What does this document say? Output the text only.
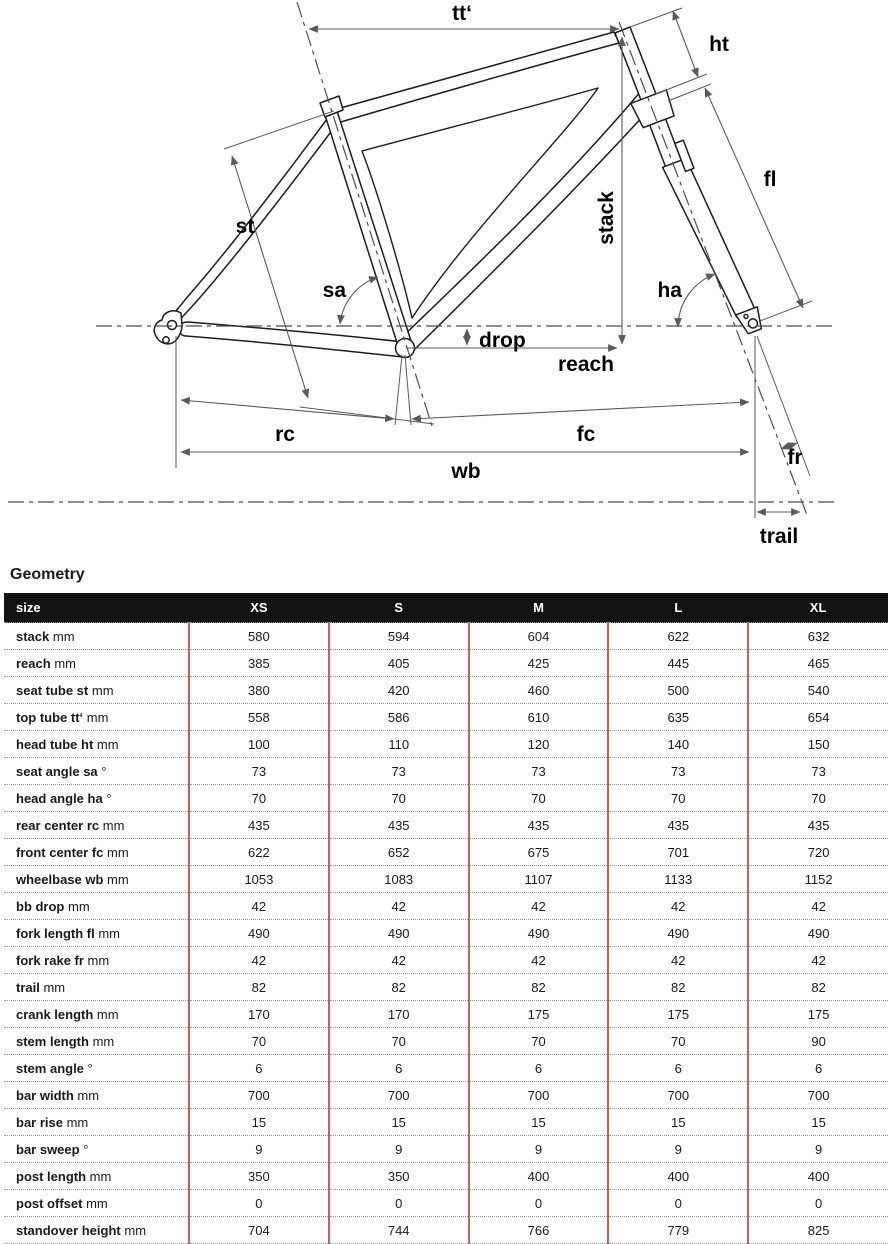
tt‘
ht
fl
st	stack
sa	ha
drop
reach
rc	fc
wb
fr
trail
Geometry
size	XS	S	M	L	XL
stack mm	580	594	604	622	632
reach mm	385	405	425	445	465
seat tube st mm	380	420	460	500	540
top tube tt‘ mm	558	586	610	635	654
head tube ht mm	100	110	120	140	150
seat angle sa °	73	73	73	73	73
head angle ha °	70	70	70	70	70
rear center rc mm	435	435	435	435	435
front center fc mm	622	652	675	701	720
wheelbase wb mm	1053	1083	1107	1133	1152
bb drop mm	42	42	42	42	42
fork length fl mm	490	490	490	490	490
fork rake fr mm	42	42	42	42	42
trail mm	82	82	82	82	82
crank length mm	170	170	175	175	175
stem length mm	70	70	70	70	90
stem angle °	6	6	6	6	6
bar width mm	700	700	700	700	700
bar rise mm	15	15	15	15	15
bar sweep °	9	9	9	9	9
post length mm	350	350	400	400	400
post offset mm	0	0	0	0	0
standover height mm	704	744	766	779	825
